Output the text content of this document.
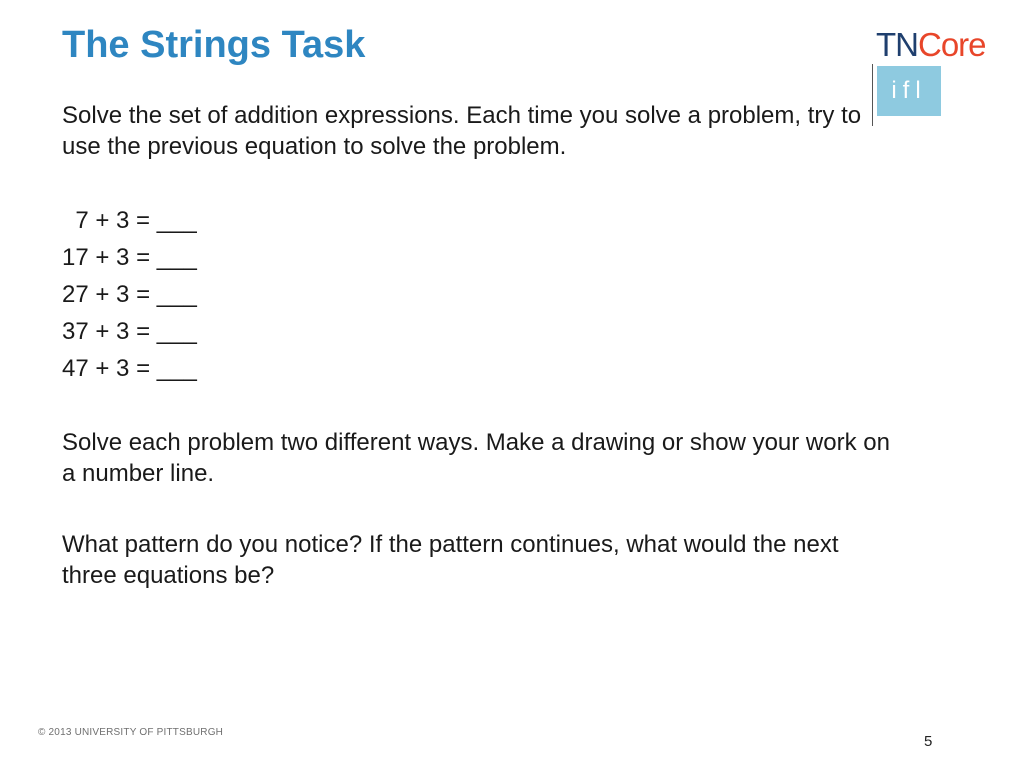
The Strings Task	TNCore
ifl

Solve the set of addition expressions. Each time you solve a problem, try to use the previous equation to solve the problem.

7 + 3 = ___
17 + 3 = ___
27 + 3 = ___
37 + 3 = ___
47 + 3 = ___

Solve each problem two different ways. Make a drawing or show your work on a number line.

What pattern do you notice? If the pattern continues, what would the next three equations be?

© 2013 UNIVERSITY OF PITTSBURGH
5
